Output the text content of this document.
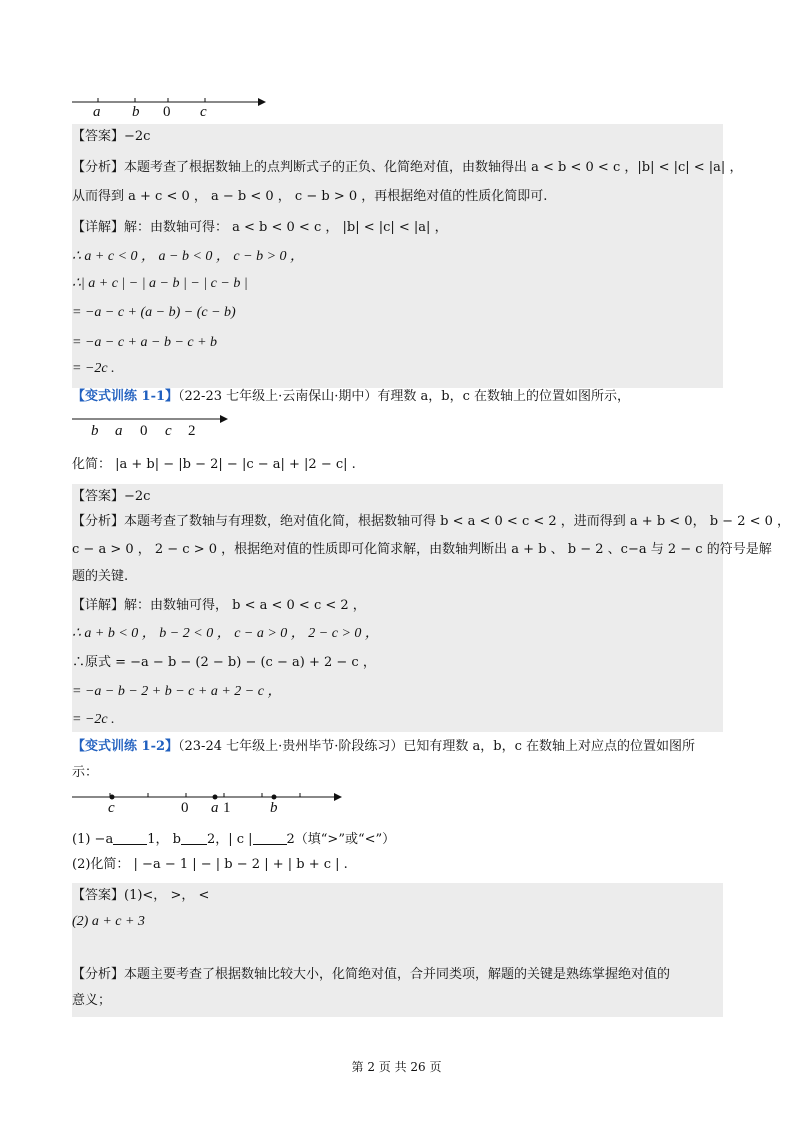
a b 0 c
【答案】−2c
【分析】本题考查了根据数轴上的点判断式子的正负、化简绝对值，由数轴得出 a < b < 0 < c ，|b| < |c| < |a| ，
从而得到 a + c < 0 ， a − b < 0 ， c − b > 0 ，再根据绝对值的性质化简即可.
【详解】解：由数轴可得： a < b < 0 < c ， |b| < |c| < |a| ，
∴ a + c < 0 ， a − b < 0 ， c − b > 0 ，
∴| a + c | − | a − b | − | c − b |
= −a − c + (a − b) − (c − b)
= −a − c + a − b − c + b
= −2c .
【变式训练 1-1】（22-23 七年级上·云南保山·期中）有理数 a，b，c 在数轴上的位置如图所示，
b a 0 c 2
化简： |a + b| − |b − 2| − |c − a| + |2 − c| .
【答案】−2c
【分析】本题考查了数轴与有理数，绝对值化简，根据数轴可得 b < a < 0 < c < 2 ，进而得到 a + b < 0， b − 2 < 0 ，
c − a > 0 ， 2 − c > 0 ，根据绝对值的性质即可化简求解，由数轴判断出 a + b 、 b − 2 、c−a 与 2 − c 的符号是解
题的关键.
【详解】解：由数轴可得， b < a < 0 < c < 2 ，
∴ a + b < 0 ， b − 2 < 0 ， c − a > 0 ， 2 − c > 0 ，
∴原式 = −a − b − (2 − b) − (c − a) + 2 − c ，
= −a − b − 2 + b − c + a + 2 − c ，
= −2c .
【变式训练 1-2】（23-24 七年级上·贵州毕节·阶段练习）已知有理数 a，b，c 在数轴上对应点的位置如图所
示：
c	0 a 1	b
(1) −a	1， b 2，| c |	2（填“>”或“<”）
(2)化简： | −a − 1 | − | b − 2 | + | b + c | .
【答案】(1)<， >， <
(2) a + c + 3
【分析】本题主要考查了根据数轴比较大小，化简绝对值，合并同类项，解题的关键是熟练掌握绝对值的
意义；
第 2 页 共 26 页
